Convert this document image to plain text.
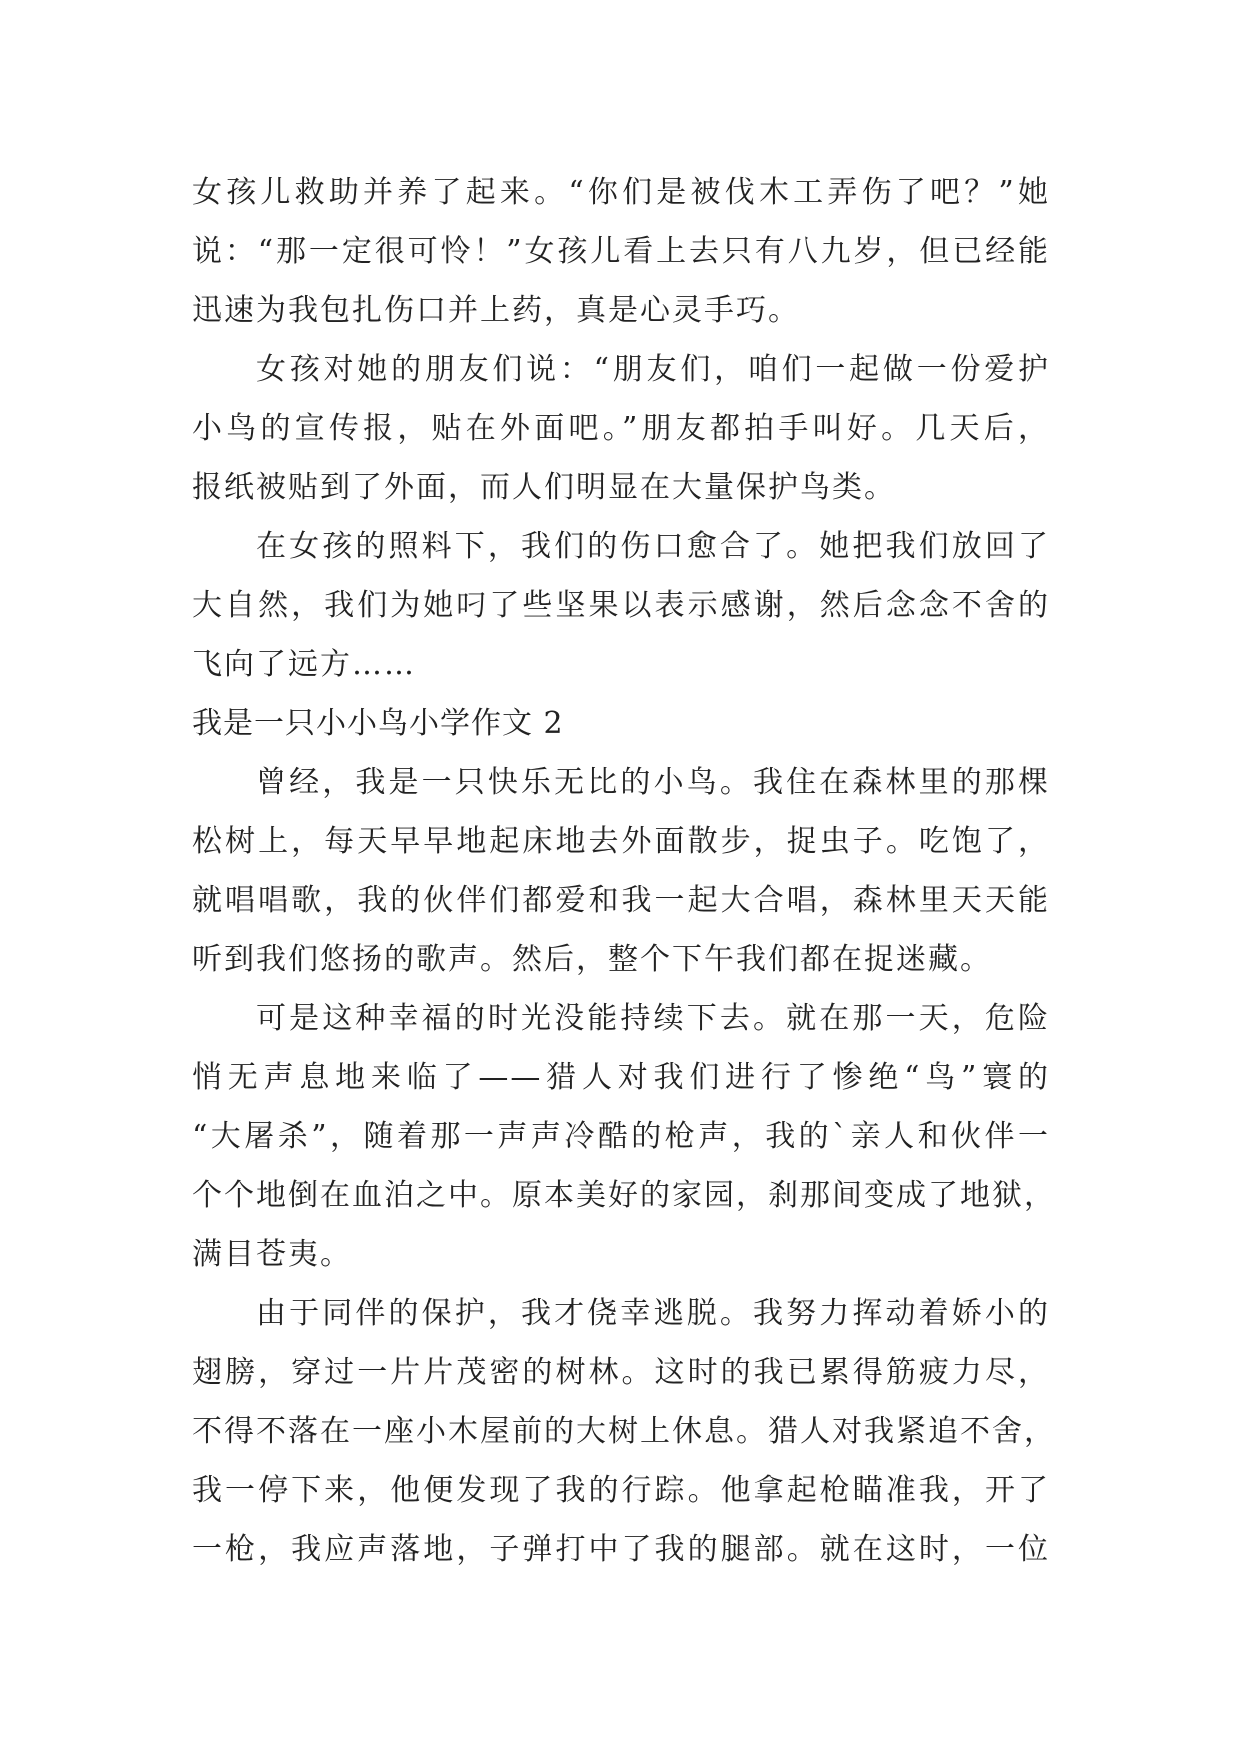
女孩儿救助并养了起来。“你们是被伐木工弄伤了吧？”她
说：“那一定很可怜！”女孩儿看上去只有八九岁，但已经能
迅速为我包扎伤口并上药，真是心灵手巧。
女孩对她的朋友们说：“朋友们，咱们一起做一份爱护
小鸟的宣传报，贴在外面吧。”朋友都拍手叫好。几天后，
报纸被贴到了外面，而人们明显在大量保护鸟类。
在女孩的照料下，我们的伤口愈合了。她把我们放回了
大自然，我们为她叼了些坚果以表示感谢，然后念念不舍的
飞向了远方……
我是一只小小鸟小学作文 2
曾经，我是一只快乐无比的小鸟。我住在森林里的那棵
松树上，每天早早地起床地去外面散步，捉虫子。吃饱了，
就唱唱歌，我的伙伴们都爱和我一起大合唱，森林里天天能
听到我们悠扬的歌声。然后，整个下午我们都在捉迷藏。
可是这种幸福的时光没能持续下去。就在那一天，危险
悄无声息地来临了——猎人对我们进行了惨绝“鸟”寰的
“大屠杀”，随着那一声声冷酷的枪声，我的`亲人和伙伴一
个个地倒在血泊之中。原本美好的家园，刹那间变成了地狱，
满目苍夷。
由于同伴的保护，我才侥幸逃脱。我努力挥动着娇小的
翅膀，穿过一片片茂密的树林。这时的我已累得筋疲力尽，
不得不落在一座小木屋前的大树上休息。猎人对我紧追不舍，
我一停下来，他便发现了我的行踪。他拿起枪瞄准我，开了
一枪，我应声落地，子弹打中了我的腿部。就在这时，一位
